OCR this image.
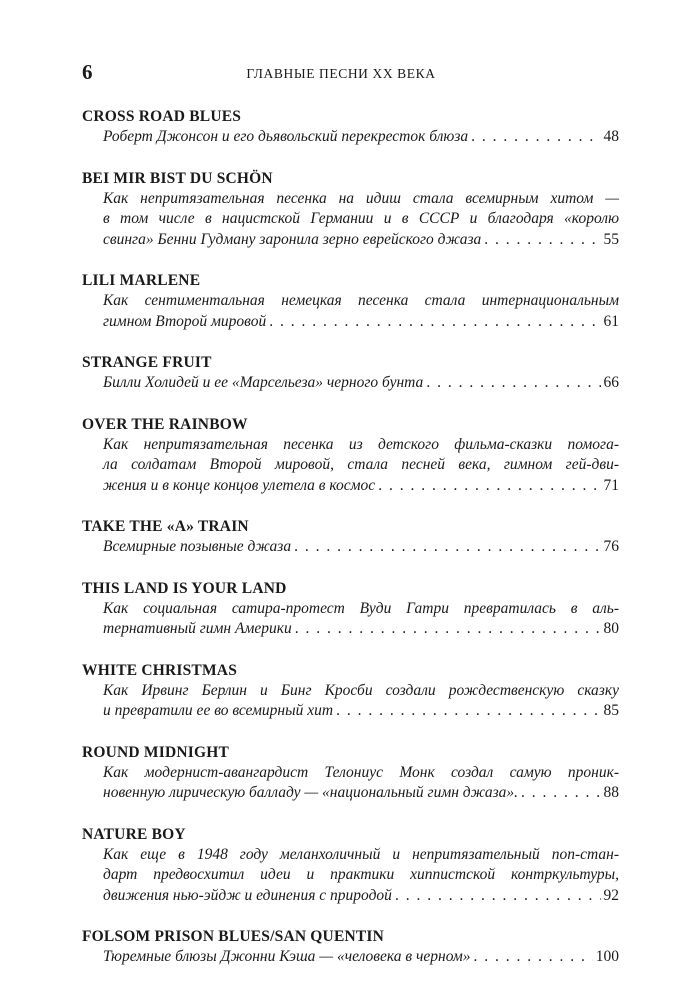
6	ГЛАВНЫЕ ПЕСНИ XX ВЕКА
CROSS ROAD BLUES
Роберт Джонсон и его дьявольский перекресток блюза . . .	48
BEI MIR BIST DU SCHÖN
Как непритязательная песенка на идиш стала всемирным хитом —
в том числе в нацистской Германии и в СССР и благодаря «королю
свинга» Бенни Гудману заронила зерно еврейского джаза . . .	55
LILI MARLENE
Как сентиментальная немецкая песенка стала интернациональным
гимном Второй мировой . . .	61
STRANGE FRUIT
Билли Холидей и ее «Марсельеза» черного бунта . . .	66
OVER THE RAINBOW
Как непритязательная песенка из детского фильма-сказки помога-
ла солдатам Второй мировой, стала песней века, гимном гей-дви-
жения и в конце концов улетела в космос . . .	71
TAKE THE «A» TRAIN
Всемирные позывные джаза . . .	76
THIS LAND IS YOUR LAND
Как социальная сатира-протест Вуди Гатри превратилась в аль-
тернативный гимн Америки . . .	80
WHITE CHRISTMAS
Как Ирвинг Берлин и Бинг Кросби создали рождественскую сказку
и превратили ее во всемирный хит . . .	85
ROUND MIDNIGHT
Как модернист-авангардист Телониус Монк создал самую проник-
новенную лирическую балладу — «национальный гимн джаза». . . .	88
NATURE BOY
Как еще в 1948 году меланхоличный и непритязательный поп-стан-
дарт предвосхитил идеи и практики хиппистской контркультуры,
движения нью-эйдж и единения с природой . . .	92
FOLSOM PRISON BLUES/SAN QUENTIN
Тюремные блюзы Джонни Кэша — «человека в черном» . . .	100
